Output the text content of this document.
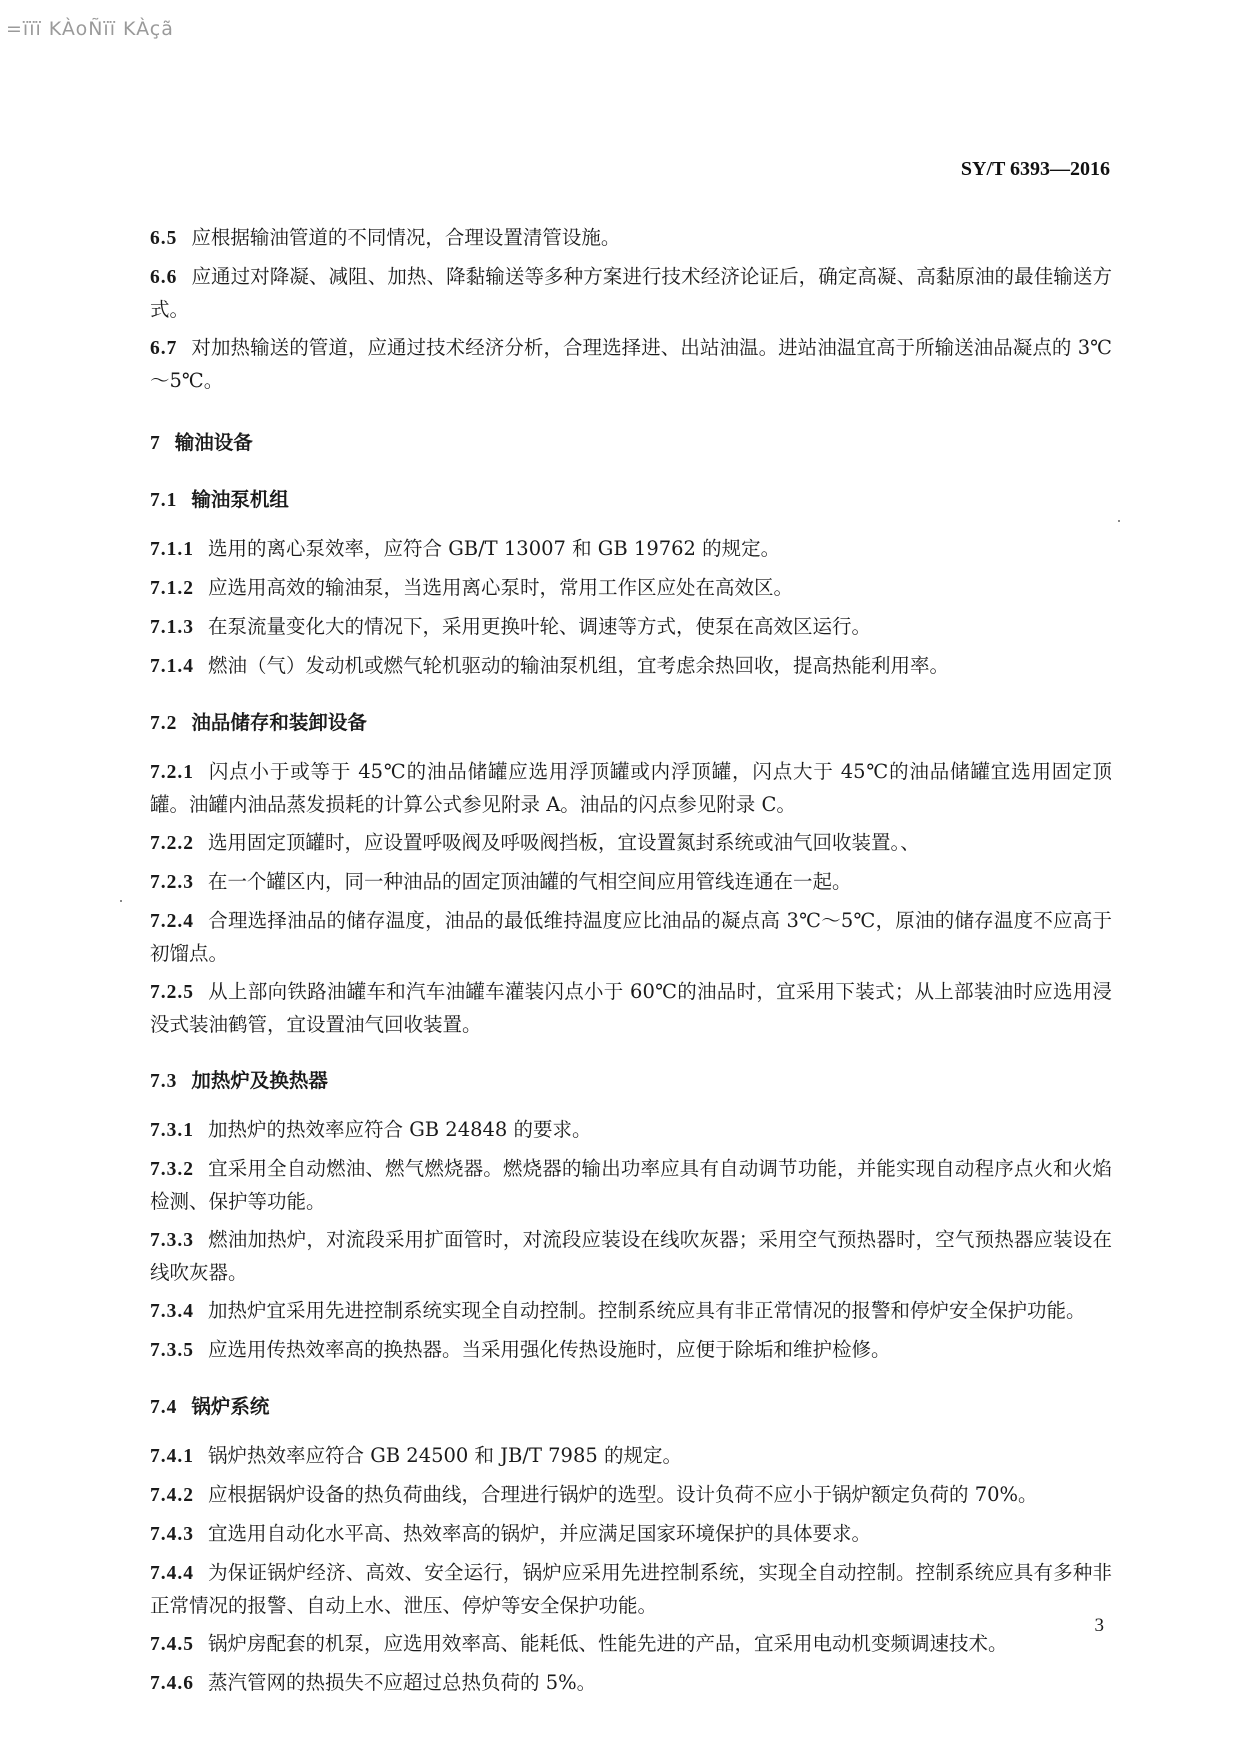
=ïïï KÀoÑïï KÀçã
SY/T 6393—2016

6.5 应根据输油管道的不同情况，合理设置清管设施。

6.6 应通过对降凝、减阻、加热、降黏输送等多种方案进行技术经济论证后，确定高凝、高黏原油的最佳输送方式。

6.7 对加热输送的管道，应通过技术经济分析，合理选择进、出站油温。进站油温宜高于所输送油品凝点的 3℃～5℃。

7 输油设备

7.1 输油泵机组

7.1.1 选用的离心泵效率，应符合 GB/T 13007 和 GB 19762 的规定。

7.1.2 应选用高效的输油泵，当选用离心泵时，常用工作区应处在高效区。

7.1.3 在泵流量变化大的情况下，采用更换叶轮、调速等方式，使泵在高效区运行。

7.1.4 燃油（气）发动机或燃气轮机驱动的输油泵机组，宜考虑余热回收，提高热能利用率。

7.2 油品储存和装卸设备

7.2.1 闪点小于或等于 45℃的油品储罐应选用浮顶罐或内浮顶罐，闪点大于 45℃的油品储罐宜选用固定顶罐。油罐内油品蒸发损耗的计算公式参见附录 A。油品的闪点参见附录 C。

7.2.2 选用固定顶罐时，应设置呼吸阀及呼吸阀挡板，宜设置氮封系统或油气回收装置。、

7.2.3 在一个罐区内，同一种油品的固定顶油罐的气相空间应用管线连通在一起。

7.2.4 合理选择油品的储存温度，油品的最低维持温度应比油品的凝点高 3℃～5℃，原油的储存温度不应高于初馏点。

7.2.5 从上部向铁路油罐车和汽车油罐车灌装闪点小于 60℃的油品时，宜采用下装式；从上部装油时应选用浸没式装油鹤管，宜设置油气回收装置。

7.3 加热炉及换热器

7.3.1 加热炉的热效率应符合 GB 24848 的要求。

7.3.2 宜采用全自动燃油、燃气燃烧器。燃烧器的输出功率应具有自动调节功能，并能实现自动程序点火和火焰检测、保护等功能。

7.3.3 燃油加热炉，对流段采用扩面管时，对流段应装设在线吹灰器；采用空气预热器时，空气预热器应装设在线吹灰器。

7.3.4 加热炉宜采用先进控制系统实现全自动控制。控制系统应具有非正常情况的报警和停炉安全保护功能。

7.3.5 应选用传热效率高的换热器。当采用强化传热设施时，应便于除垢和维护检修。

7.4 锅炉系统

7.4.1 锅炉热效率应符合 GB 24500 和 JB/T 7985 的规定。

7.4.2 应根据锅炉设备的热负荷曲线，合理进行锅炉的选型。设计负荷不应小于锅炉额定负荷的 70%。

7.4.3 宜选用自动化水平高、热效率高的锅炉，并应满足国家环境保护的具体要求。

7.4.4 为保证锅炉经济、高效、安全运行，锅炉应采用先进控制系统，实现全自动控制。控制系统应具有多种非正常情况的报警、自动上水、泄压、停炉等安全保护功能。

7.4.5 锅炉房配套的机泵，应选用效率高、能耗低、性能先进的产品，宜采用电动机变频调速技术。

7.4.6 蒸汽管网的热损失不应超过总热负荷的 5%。

3
